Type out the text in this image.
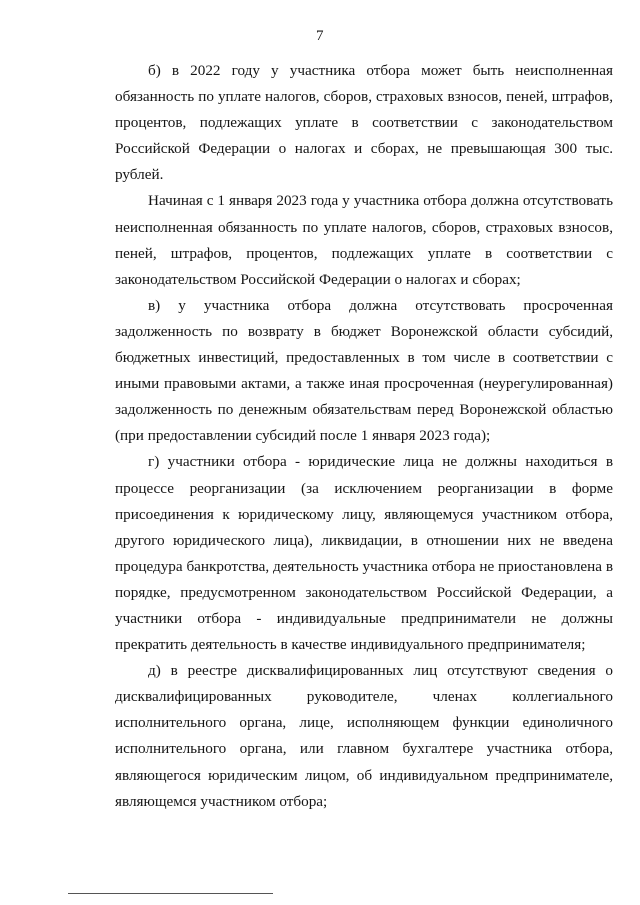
7

б) в 2022 году у участника отбора может быть неисполненная обязанность по уплате налогов, сборов, страховых взносов, пеней, штрафов, процентов, подлежащих уплате в соответствии с законодательством Российской Федерации о налогах и сборах, не превышающая 300 тыс. рублей.

Начиная с 1 января 2023 года у участника отбора должна отсутствовать неисполненная обязанность по уплате налогов, сборов, страховых взносов, пеней, штрафов, процентов, подлежащих уплате в соответствии с законодательством Российской Федерации о налогах и сборах;

в) у участника отбора должна отсутствовать просроченная задолженность по возврату в бюджет Воронежской области субсидий, бюджетных инвестиций, предоставленных в том числе в соответствии с иными правовыми актами, а также иная просроченная (неурегулированная) задолженность по денежным обязательствам перед Воронежской областью (при предоставлении субсидий после 1 января 2023 года);

г) участники отбора - юридические лица не должны находиться в процессе реорганизации (за исключением реорганизации в форме присоединения к юридическому лицу, являющемуся участником отбора, другого юридического лица), ликвидации, в отношении них не введена процедура банкротства, деятельность участника отбора не приостановлена в порядке, предусмотренном законодательством Российской Федерации, а участники отбора - индивидуальные предприниматели не должны прекратить деятельность в качестве индивидуального предпринимателя;

д) в реестре дисквалифицированных лиц отсутствуют сведения о дисквалифицированных руководителе, членах коллегиального исполнительного органа, лице, исполняющем функции единоличного исполнительного органа, или главном бухгалтере участника отбора, являющегося юридическим лицом, об индивидуальном предпринимателе, являющемся участником отбора;
